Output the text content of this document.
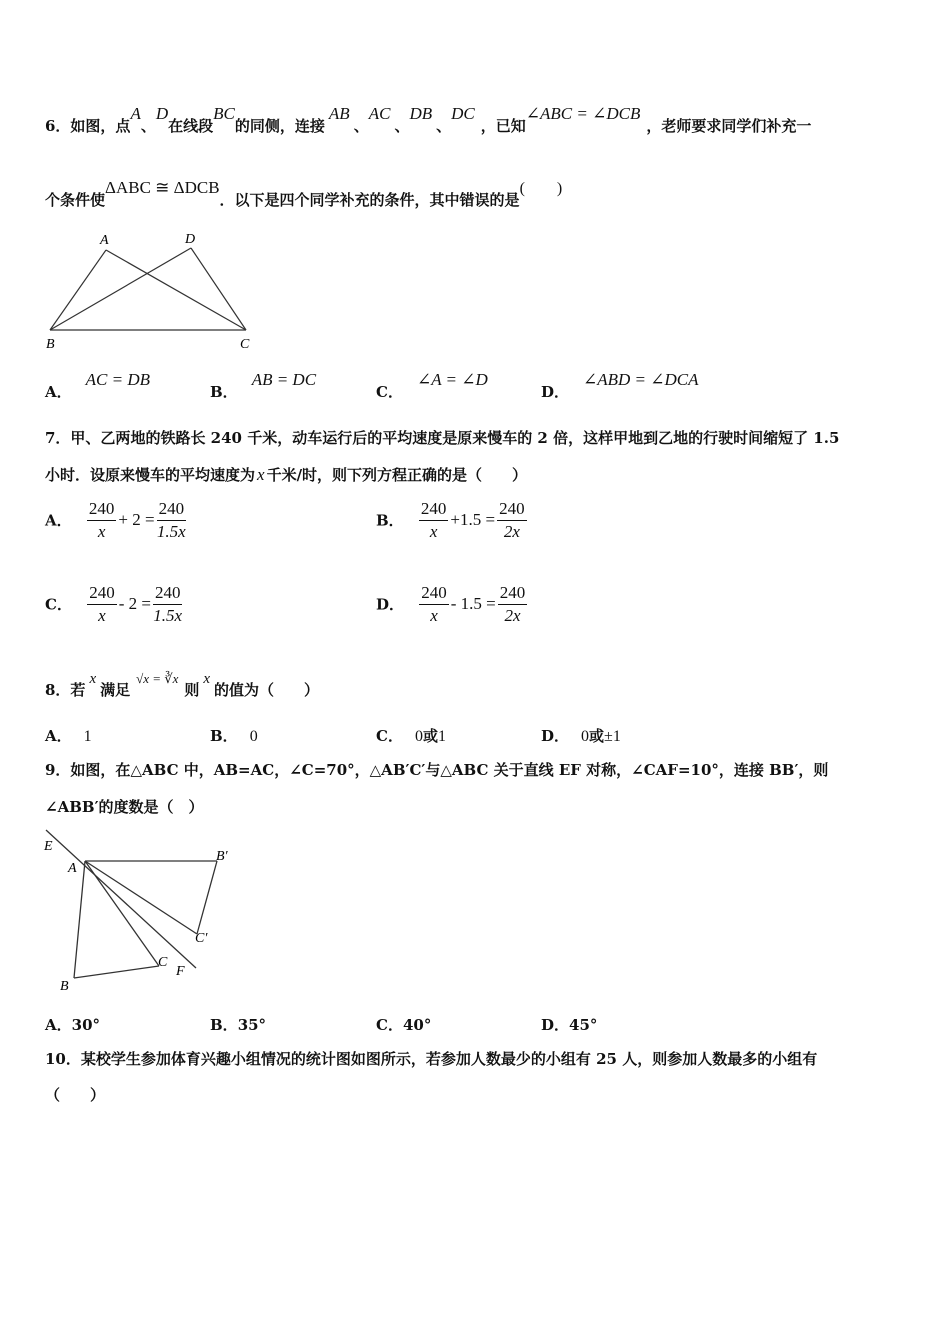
6．如图，点A、D在线段BC的同侧，连接AB、AC、DB、DC，已知∠ABC = ∠DCB，老师要求同学们补充一
个条件使ΔABC ≅ ΔDCB．以下是四个同学补充的条件，其中错误的是(　　)
A	D
B	C
A．AC = DB
B．AB = DC
C．∠A = ∠D
D．∠ABD = ∠DCA
7．甲、乙两地的铁路长 240 千米，动车运行后的平均速度是原来慢车的 2 倍，这样甲地到乙地的行驶时间缩短了 1.5
小时．设原来慢车的平均速度为 x 千米/时，则下列方程正确的是（　　）
A． $\frac{240}{x} + 2 = \frac{240}{1.5x}$	B． $\frac{240}{x} +1.5 = \frac{240}{2x}$
C． $\frac{240}{x} - 2 = \frac{240}{1.5x}$	D． $\frac{240}{x} - 1.5 = \frac{240}{2x}$
8．若x满足√x = ∛x则x的值为（　　）
A． 1	B． 0	C． 0或1	D． 0或±1
9．如图，在△ABC 中，AB=AC，∠C=70°，△AB′C′与△ABC 关于直线 EF 对称，∠CAF=10°，连接 BB′，则
∠ABB′的度数是（　）
E
A
B′
C′
C
F
B
A．30°	B．35°	C．40°	D．45°
10．某校学生参加体育兴趣小组情况的统计图如图所示，若参加人数最少的小组有 25 人，则参加人数最多的小组有
（　　）
